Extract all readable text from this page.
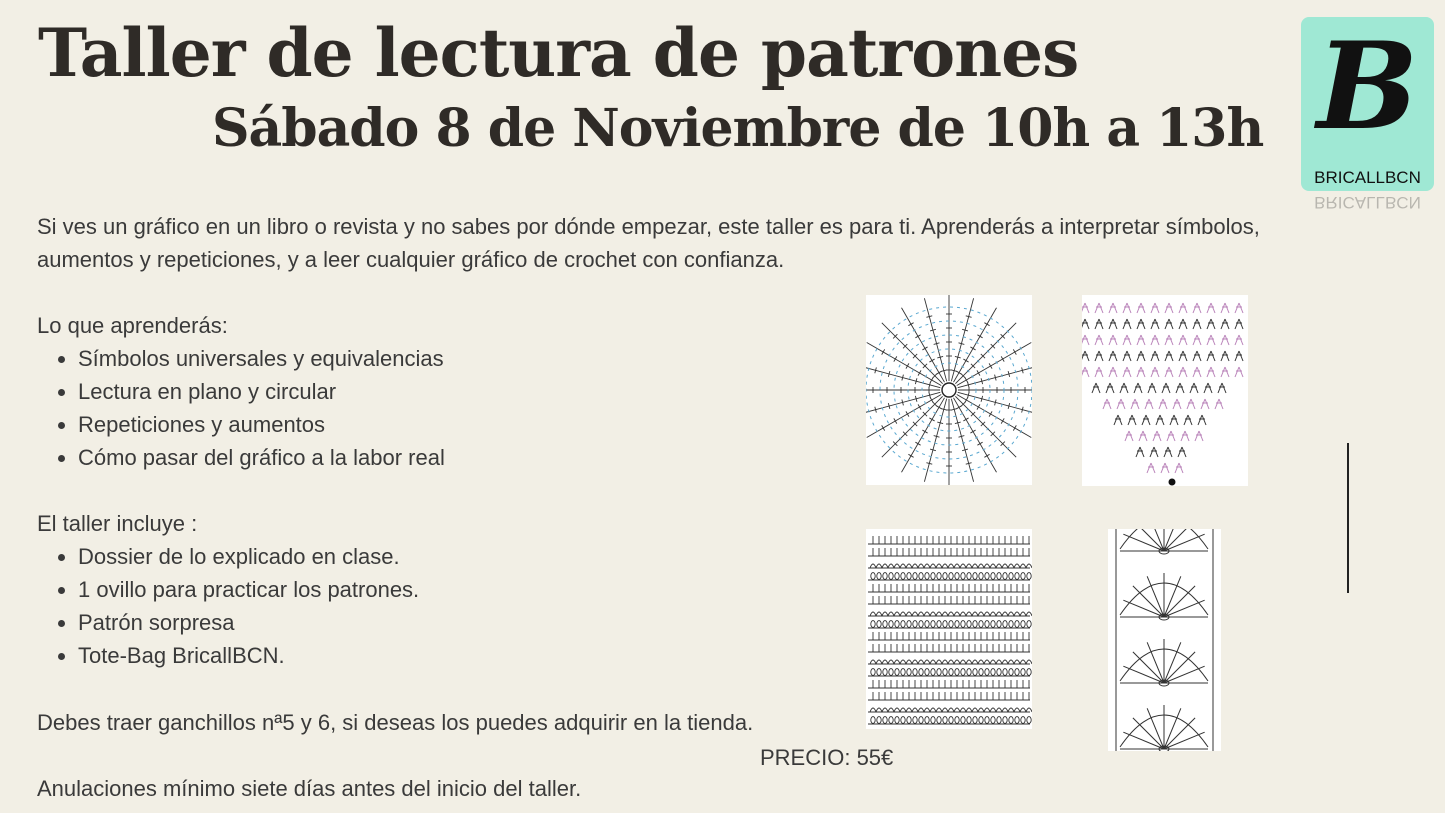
Taller de lectura de patrones
Sábado 8 de Noviembre de 10h a 13h B
BRICALLBCN
BRICALLBCN

Si ves un gráfico en un libro o revista y no sabes por dónde empezar, este taller es para ti. Aprenderás a interpretar símbolos, aumentos y repeticiones, y a leer cualquier gráfico de crochet con confianza.

Lo que aprenderás:

• Símbolos universales y equivalencias
• Lectura en plano y circular
• Repeticiones y aumentos
• Cómo pasar del gráfico a la labor real

El taller incluye :

• Dossier de lo explicado en clase.
• 1 ovillo para practicar los patrones.
• Patrón sorpresa
• Tote-Bag BricallBCN.

Debes traer ganchillos nª5 y 6, si deseas los puedes adquirir en la tienda.

Anulaciones mínimo siete días antes del inicio del taller.

PRECIO: 55€
